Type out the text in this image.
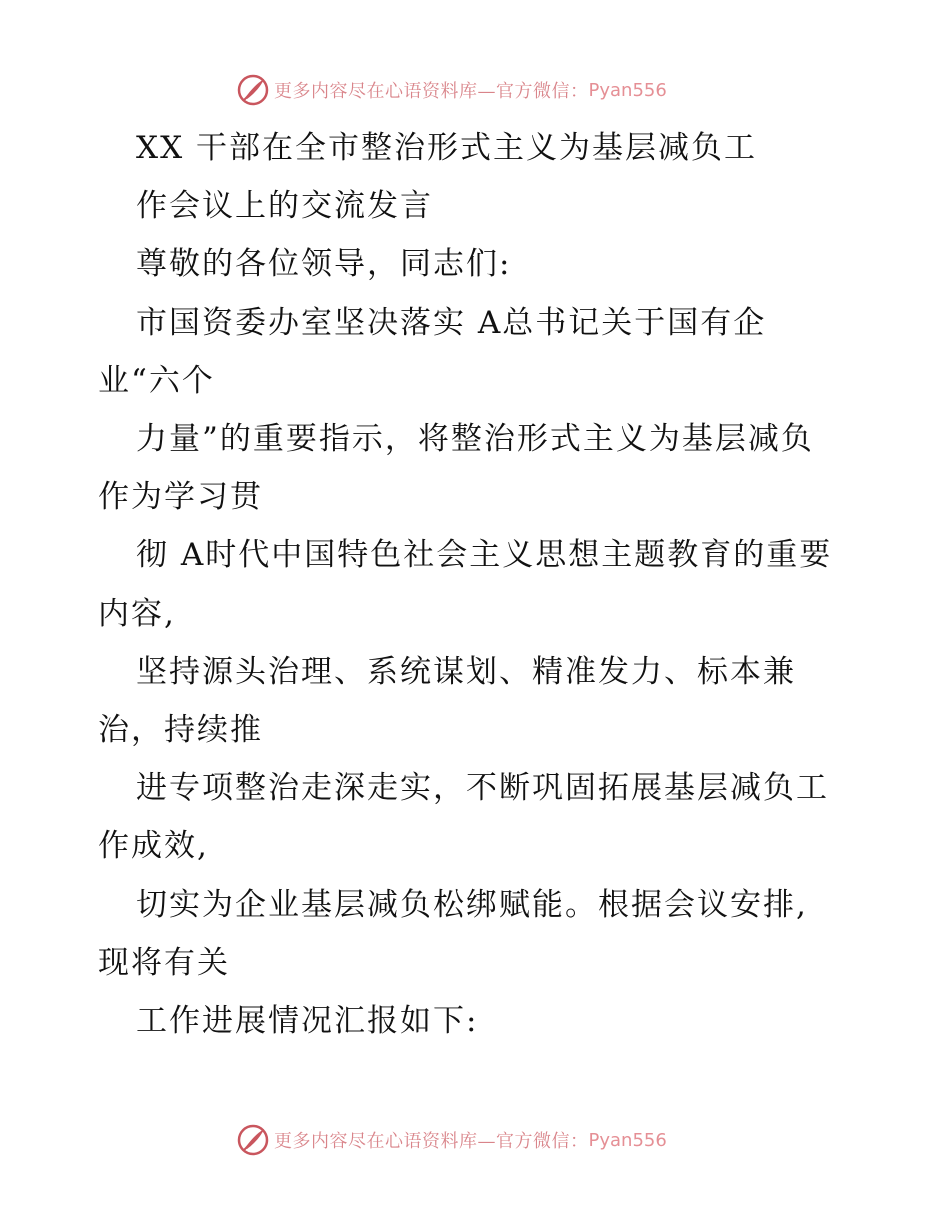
更多内容尽在心语资料库—官方微信： Pyan556
XX 干部在全市整治形式主义为基层减负工
作会议上的交流发言
尊敬的各位领导，同志们:
市国资委办室坚决落实 A总书记关于国有企
业“六个
力量”的重要指示，将整治形式主义为基层减负
作为学习贯
彻 A时代中国特色社会主义思想主题教育的重要
内容,
坚持源头治理、系统谋划、精准发力、标本兼
治，持续推
进专项整治走深走实，不断巩固拓展基层减负工
作成效,
切实为企业基层减负松绑赋能。根据会议安排,
现将有关
工作进展情况汇报如下:
更多内容尽在心语资料库—官方微信： Pyan556
